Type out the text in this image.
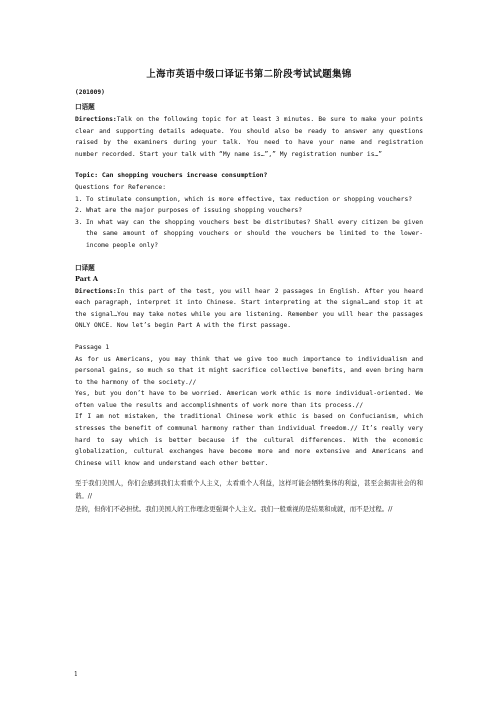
上海市英语中级口译证书第二阶段考试试题集锦
(201009)
口语题

Directions:Talk on the following topic for at least 3 minutes. Be sure to make your points clear and supporting details adequate. You should also be ready to answer any questions raised by the examiners during your talk. You need to have your name and registration number recorded. Start your talk with “My name is…”,” My registration number is…”

Topic: Can shopping vouchers increase consumption?
Questions for Reference:
1. To stimulate consumption, which is more effective, tax reduction or shopping vouchers?
2. What are the major purposes of issuing shopping vouchers?
3. In what way can the shopping vouchers best be distributes? Shall every citizen be given the same amount of shopping vouchers or should the vouchers be limited to the lower-income people only?
口译题
Part A

Directions:In this part of the test, you will hear 2 passages in English. After you heard each paragraph, interpret it into Chinese. Start interpreting at the signal…and stop it at the signal…You may take notes while you are listening. Remember you will hear the passages ONLY ONCE. Now let’s begin Part A with the first passage.

Passage 1

As for us Americans, you may think that we give too much importance to individualism and personal gains, so much so that it might sacrifice collective benefits, and even bring harm to the harmony of the society.//

Yes, but you don’t have to be worried. American work ethic is more individual-oriented. We often value the results and accomplishments of work more than its process.//

If I am not mistaken, the traditional Chinese work ethic is based on Confucianism, which stresses the benefit of communal harmony rather than individual freedom.// It’s really very hard to say which is better because if the cultural differences. With the economic globalization, cultural exchanges have become more and more extensive and Americans and Chinese will know and understand each other better.

至于我们美国人，你们会感到我们太看重个人主义，太看重个人利益，这样可能会牺牲集体的利益，甚至会损害社会的和谐。//

是的，但你们不必担忧。我们美国人的工作理念更强调个人主义。我们一般重视的是结果和成就，而不是过程。//

1
